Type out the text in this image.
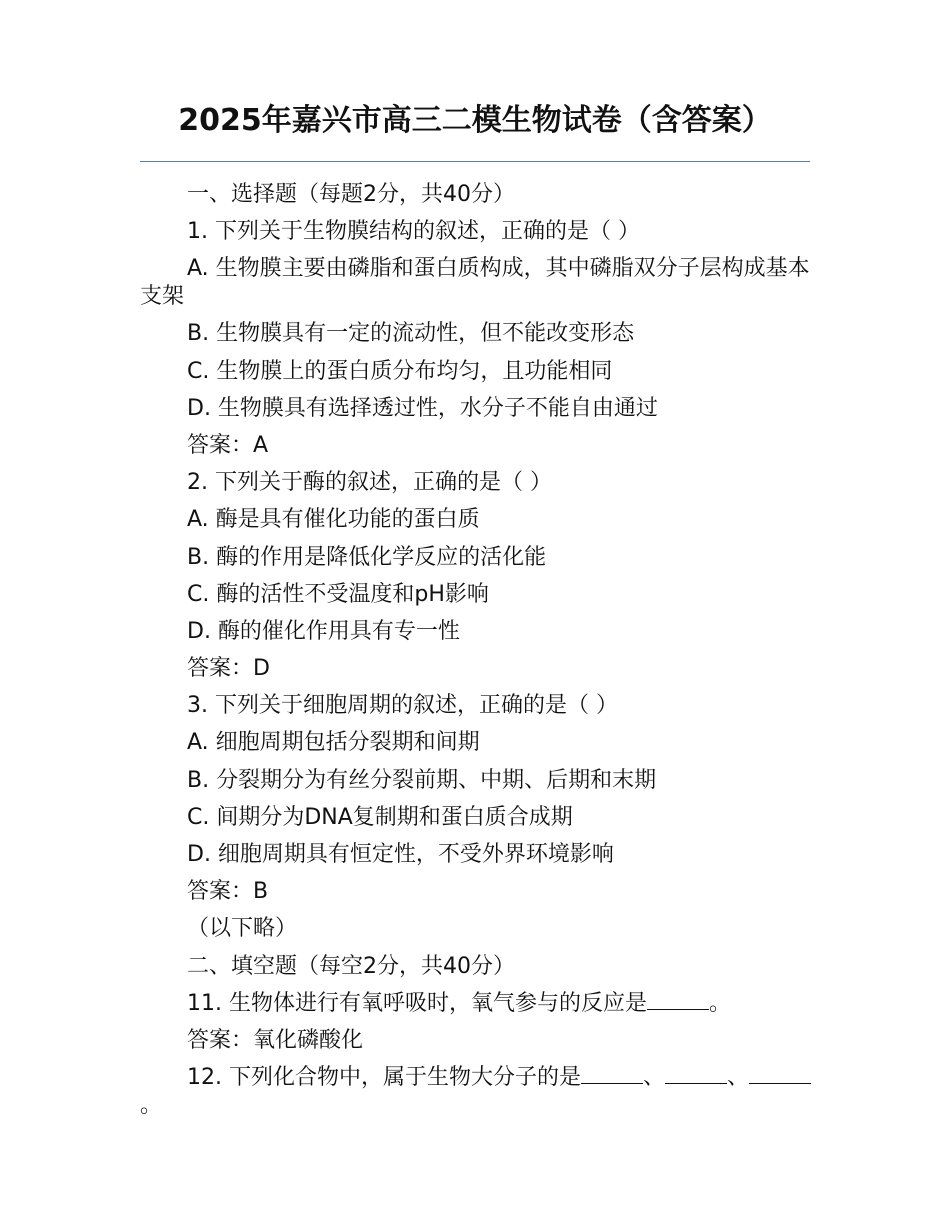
2025年嘉兴市高三二模生物试卷（含答案）

一、选择题（每题2分，共40分）

1. 下列关于生物膜结构的叙述，正确的是（ ）

A. 生物膜主要由磷脂和蛋白质构成，其中磷脂双分子层构成基本支架

B. 生物膜具有一定的流动性，但不能改变形态

C. 生物膜上的蛋白质分布均匀，且功能相同

D. 生物膜具有选择透过性，水分子不能自由通过

答案：A

2. 下列关于酶的叙述，正确的是（ ）

A. 酶是具有催化功能的蛋白质

B. 酶的作用是降低化学反应的活化能

C. 酶的活性不受温度和pH影响

D. 酶的催化作用具有专一性

答案：D

3. 下列关于细胞周期的叙述，正确的是（ ）

A. 细胞周期包括分裂期和间期

B. 分裂期分为有丝分裂前期、中期、后期和末期

C. 间期分为DNA复制期和蛋白质合成期

D. 细胞周期具有恒定性，不受外界环境影响

答案：B

（以下略）

二、填空题（每空2分，共40分）

11. 生物体进行有氧呼吸时，氧气参与的反应是	。

答案：氧化磷酸化

12. 下列化合物中，属于生物大分子的是	、	、。
